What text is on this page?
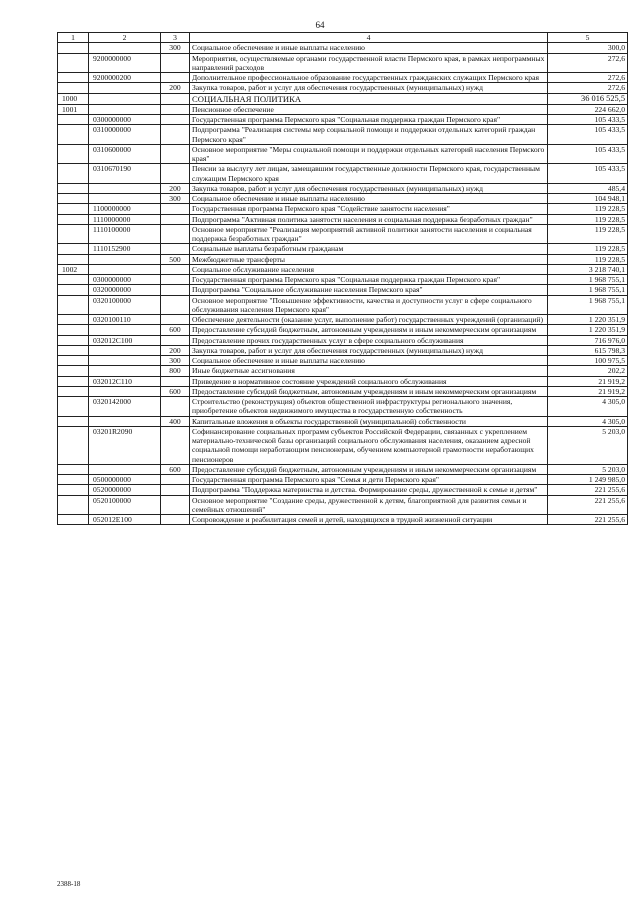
64
1	2	3	4	5
		300	Социальное обеспечение и иные выплаты населению	300,0
	9200000000		Мероприятия, осуществляемые органами государственной власти Пермского края, в рамках непрограммных направлений расходов	272,6
	9200000200		Дополнительное профессиональное образование государственных гражданских служащих Пермского края	272,6
		200	Закупка товаров, работ и услуг для обеспечения государственных (муниципальных) нужд	272,6
1000			СОЦИАЛЬНАЯ ПОЛИТИКА	36 016 525,5
1001			Пенсионное обеспечение	224 662,0
	0300000000		Государственная программа Пермского края "Социальная поддержка граждан Пермского края"	105 433,5
	0310000000		Подпрограмма "Реализация системы мер социальной помощи и поддержки отдельных категорий граждан Пермского края"	105 433,5
	0310600000		Основное мероприятие "Меры социальной помощи и поддержки отдельных категорий населения Пермского края"	105 433,5
	0310670190		Пенсии за выслугу лет лицам, замещавшим государственные должности Пермского края, государственным служащим Пермского края	105 433,5
		200	Закупка товаров, работ и услуг для обеспечения государственных (муниципальных) нужд	485,4
		300	Социальное обеспечение и иные выплаты населению	104 948,1
	1100000000		Государственная программа Пермского края "Содействие занятости населения"	119 228,5
	1110000000		Подпрограмма "Активная политика занятости населения и социальная поддержка безработных граждан"	119 228,5
	1110100000		Основное мероприятие "Реализация мероприятий активной политики занятости населения и социальная поддержка безработных граждан"	119 228,5
	1110152900		Социальные выплаты безработным гражданам	119 228,5
		500	Межбюджетные трансферты	119 228,5
1002			Социальное обслуживание населения	3 218 740,1
	0300000000		Государственная программа Пермского края "Социальная поддержка граждан Пермского края"	1 968 755,1
	0320000000		Подпрограмма "Социальное обслуживание населения Пермского края"	1 968 755,1
	0320100000		Основное мероприятие "Повышение эффективности, качества и доступности услуг в сфере социального обслуживания населения Пермского края"	1 968 755,1
	0320100110		Обеспечение деятельности (оказание услуг, выполнение работ) государственных учреждений (организаций)	1 220 351,9
		600	Предоставление субсидий бюджетным, автономным учреждениям и иным некоммерческим организациям	1 220 351,9
	032012С100		Предоставление прочих государственных услуг в сфере социального обслуживания	716 976,0
		200	Закупка товаров, работ и услуг для обеспечения государственных (муниципальных) нужд	615 798,3
		300	Социальное обеспечение и иные выплаты населению	100 975,5
		800	Иные бюджетные ассигнования	202,2
	032012С110		Приведение в нормативное состояние учреждений социального обслуживания	21 919,2
		600	Предоставление субсидий бюджетным, автономным учреждениям и иным некоммерческим организациям	21 919,2
	0320142000		Строительство (реконструкция) объектов общественной инфраструктуры регионального значения, приобретение объектов недвижимого имущества в государственную собственность	4 305,0
		400	Капитальные вложения в объекты государственной (муниципальной) собственности	4 305,0
	03201R2090		Софинансирование социальных программ субъектов Российской Федерации, связанных с укреплением материально-технической базы организаций социального обслуживания населения, оказанием адресной социальной помощи неработающим пенсионерам, обучением компьютерной грамотности неработающих пенсионеров	5 203,0
		600	Предоставление субсидий бюджетным, автономным учреждениям и иным некоммерческим организациям	5 203,0
	0500000000		Государственная программа Пермского края "Семья и дети Пермского края"	1 249 985,0
	0520000000		Подпрограмма "Поддержка материнства и детства. Формирование среды, дружественной к семье и детям"	221 255,6
	0520100000		Основное мероприятие "Создание среды, дружественной к детям, благоприятной для развития семьи и семейных отношений"	221 255,6
	052012Е100		Сопровождение и реабилитация семей и детей, находящихся в трудной жизненной ситуации	221 255,6
2388-18
